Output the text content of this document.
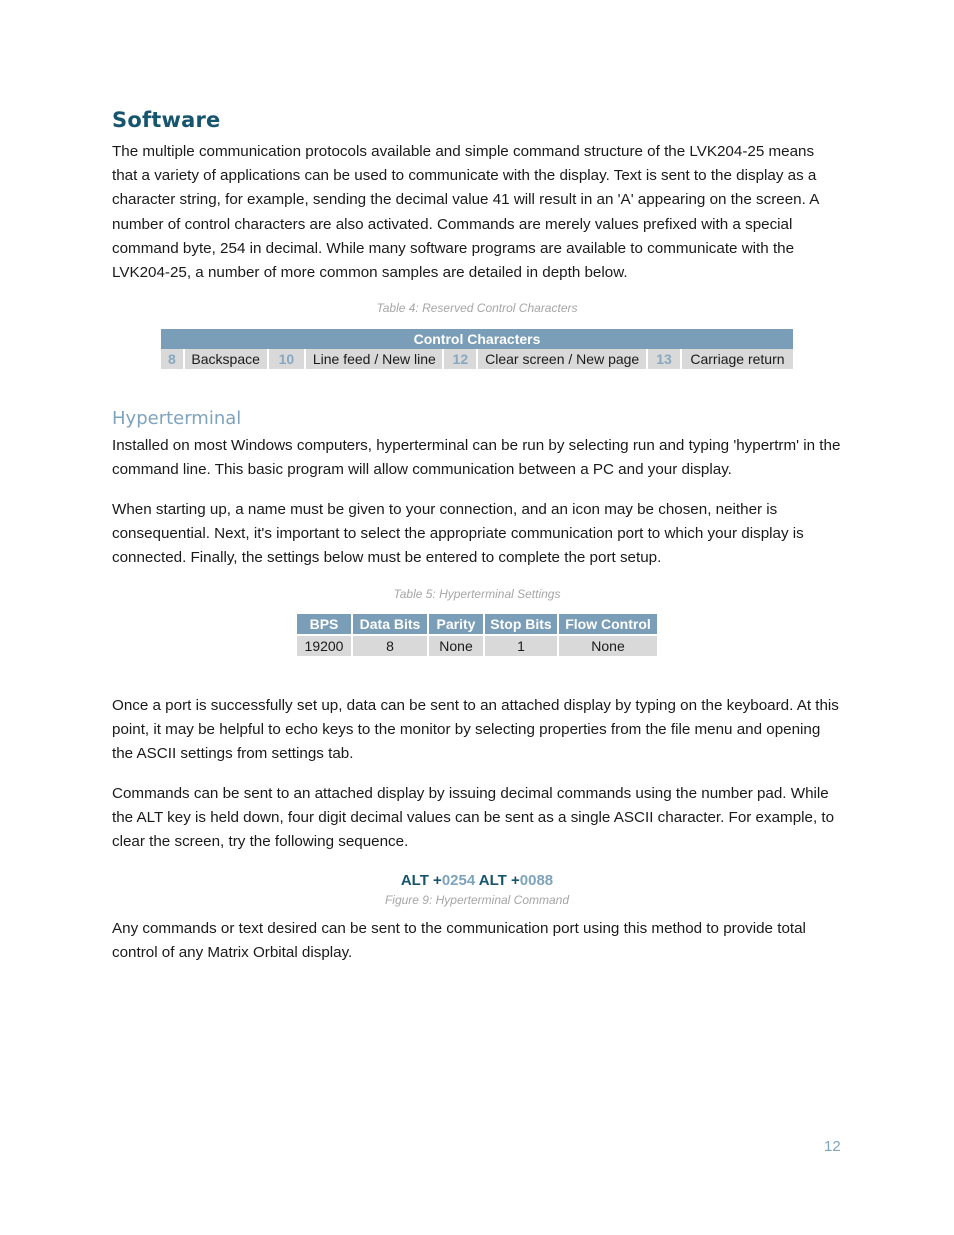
Software

The multiple communication protocols available and simple command structure of the LVK204-25 means that a variety of applications can be used to communicate with the display. Text is sent to the display as a character string, for example, sending the decimal value 41 will result in an 'A' appearing on the screen. A number of control characters are also activated. Commands are merely values prefixed with a special command byte, 254 in decimal. While many software programs are available to communicate with the LVK204-25, a number of more common samples are detailed in depth below.

Table 4: Reserved Control Characters

Control Characters
8	Backspace	10	Line feed / New line	12	Clear screen / New page	13	Carriage return
Hyperterminal

Installed on most Windows computers, hyperterminal can be run by selecting run and typing 'hypertrm' in the command line. This basic program will allow communication between a PC and your display.

When starting up, a name must be given to your connection, and an icon may be chosen, neither is consequential. Next, it's important to select the appropriate communication port to which your display is connected. Finally, the settings below must be entered to complete the port setup.

Table 5: Hyperterminal Settings

BPS	Data Bits	Parity	Stop Bits	Flow Control
19200	8	None	1	None

Once a port is successfully set up, data can be sent to an attached display by typing on the keyboard. At this point, it may be helpful to echo keys to the monitor by selecting properties from the file menu and opening the ASCII settings from settings tab.

Commands can be sent to an attached display by issuing decimal commands using the number pad. While the ALT key is held down, four digit decimal values can be sent as a single ASCII character. For example, to clear the screen, try the following sequence.

ALT +0254 ALT +0088

Figure 9: Hyperterminal Command

Any commands or text desired can be sent to the communication port using this method to provide total control of any Matrix Orbital display.

12
